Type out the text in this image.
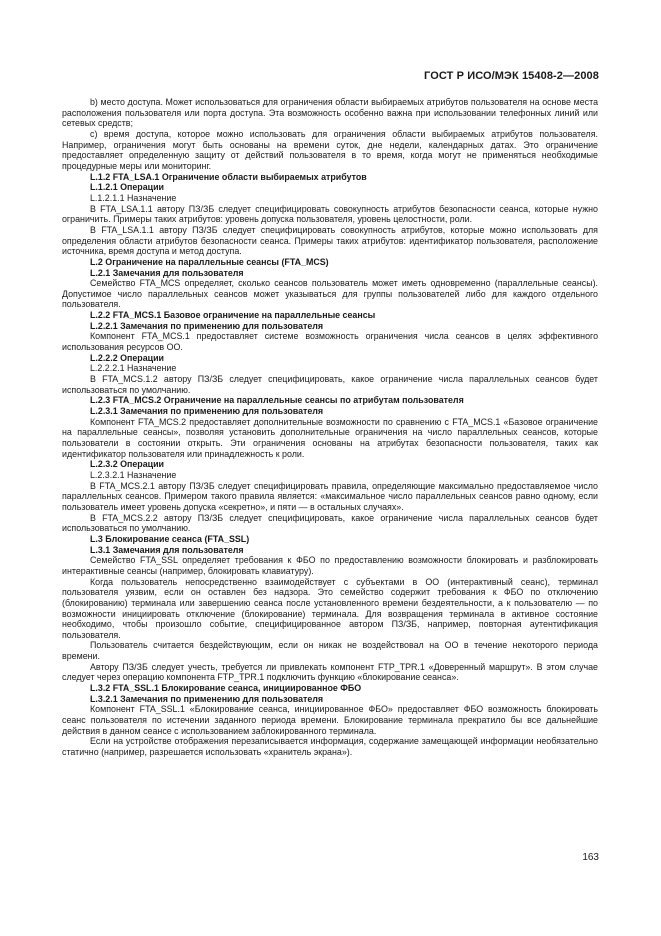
ГОСТ Р ИСО/МЭК 15408-2—2008

b) место доступа. Может использоваться для ограничения области выбираемых атрибутов пользователя на основе места расположения пользователя или порта доступа. Эта возможность особенно важна при использовании телефонных линий или сетевых средств;

c) время доступа, которое можно использовать для ограничения области выбираемых атрибутов пользователя. Например, ограничения могут быть основаны на времени суток, дне недели, календарных датах. Это ограничение предоставляет определенную защиту от действий пользователя в то время, когда могут не применяться необходимые процедурные меры или мониторинг.

L.1.2 FTA_LSA.1 Ограничение области выбираемых атрибутов

L.1.2.1 Операции

L.1.2.1.1 Назначение

В FTA_LSA.1.1 автору ПЗ/ЗБ следует специфицировать совокупность атрибутов безопасности сеанса, которые нужно ограничить. Примеры таких атрибутов: уровень допуска пользователя, уровень целостности, роли.

В FTA_LSA.1.1 автору ПЗ/ЗБ следует специфицировать совокупность атрибутов, которые можно использовать для определения области атрибутов безопасности сеанса. Примеры таких атрибутов: идентификатор пользователя, расположение источника, время доступа и метод доступа.

L.2 Ограничение на параллельные сеансы (FTA_MCS)

L.2.1 Замечания для пользователя

Семейство FTA_MCS определяет, сколько сеансов пользователь может иметь одновременно (параллельные сеансы). Допустимое число параллельных сеансов может указываться для группы пользователей либо для каждого отдельного пользователя.

L.2.2 FTA_MCS.1 Базовое ограничение на параллельные сеансы

L.2.2.1 Замечания по применению для пользователя

Компонент FTA_MCS.1 предоставляет системе возможность ограничения числа сеансов в целях эффективного использования ресурсов ОО.

L.2.2.2 Операции

L.2.2.2.1 Назначение

В FTA_MCS.1.2 автору ПЗ/ЗБ следует специфицировать, какое ограничение числа параллельных сеансов будет использоваться по умолчанию.

L.2.3 FTA_MCS.2 Ограничение на параллельные сеансы по атрибутам пользователя

L.2.3.1 Замечания по применению для пользователя

Компонент FTA_MCS.2 предоставляет дополнительные возможности по сравнению с FTA_MCS.1 «Базовое ограничение на параллельные сеансы», позволяя установить дополнительные ограничения на число параллельных сеансов, которые пользователи в состоянии открыть. Эти ограничения основаны на атрибутах безопасности пользователя, таких как идентификатор пользователя или принадлежность к роли.

L.2.3.2 Операции

L.2.3.2.1 Назначение

В FTA_MCS.2.1 автору ПЗ/ЗБ следует специфицировать правила, определяющие максимально предоставляемое число параллельных сеансов. Примером такого правила является: «максимальное число параллельных сеансов равно одному, если пользователь имеет уровень допуска «секретно», и пяти — в остальных случаях».

В FTA_MCS.2.2 автору ПЗ/ЗБ следует специфицировать, какое ограничение числа параллельных сеансов будет использоваться по умолчанию.

L.3 Блокирование сеанса (FTA_SSL)

L.3.1 Замечания для пользователя

Семейство FTA_SSL определяет требования к ФБО по предоставлению возможности блокировать и разблокировать интерактивные сеансы (например, блокировать клавиатуру).

Когда пользователь непосредственно взаимодействует с субъектами в ОО (интерактивный сеанс), терминал пользователя уязвим, если он оставлен без надзора. Это семейство содержит требования к ФБО по отключению (блокированию) терминала или завершению сеанса после установленного времени бездеятельности, а к пользователю — по возможности инициировать отключение (блокирование) терминала. Для возвращения терминала в активное состояние необходимо, чтобы произошло событие, специфицированное автором ПЗ/ЗБ, например, повторная аутентификация пользователя.

Пользователь считается бездействующим, если он никак не воздействовал на ОО в течение некоторого периода времени.

Автору ПЗ/ЗБ следует учесть, требуется ли привлекать компонент FTP_TPR.1 «Доверенный маршрут». В этом случае следует через операцию компонента FTP_TPR.1 подключить функцию «блокирование сеанса».

L.3.2 FTA_SSL.1 Блокирование сеанса, инициированное ФБО

L.3.2.1 Замечания по применению для пользователя

Компонент FTA_SSL.1 «Блокирование сеанса, инициированное ФБО» предоставляет ФБО возможность блокировать сеанс пользователя по истечении заданного периода времени. Блокирование терминала прекратило бы все дальнейшие действия в данном сеансе с использованием заблокированного терминала.

Если на устройстве отображения перезаписывается информация, содержание замещающей информации необязательно статично (например, разрешается использовать «хранитель экрана»).

163
